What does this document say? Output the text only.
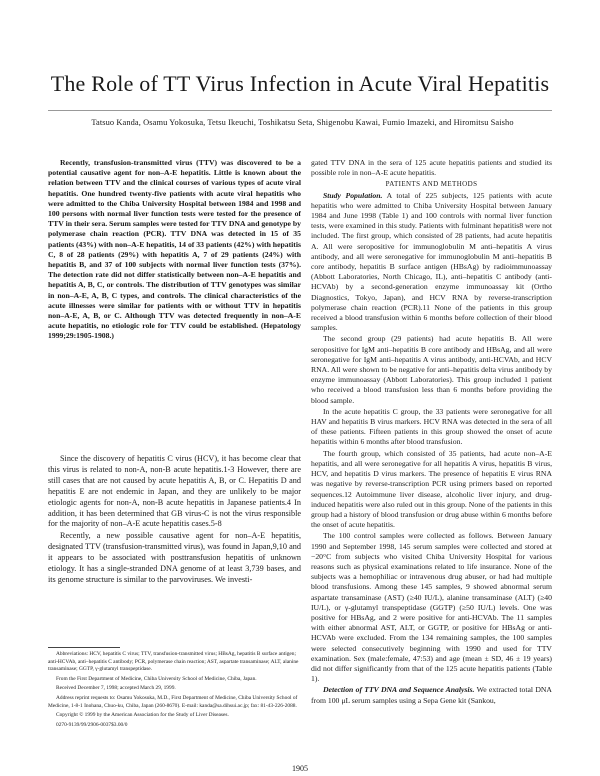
The Role of TT Virus Infection in Acute Viral Hepatitis
Tatsuo Kanda, Osamu Yokosuka, Tetsu Ikeuchi, Toshikatsu Seta, Shigenobu Kawai, Fumio Imazeki, and Hiromitsu Saisho

Recently, transfusion-transmitted virus (TTV) was discovered to be a potential causative agent for non–A-E hepatitis. Little is known about the relation between TTV and the clinical courses of various types of acute viral hepatitis. One hundred twenty-five patients with acute viral hepatitis who were admitted to the Chiba University Hospital between 1984 and 1998 and 100 persons with normal liver function tests were tested for the presence of TTV in their sera. Serum samples were tested for TTV DNA and genotype by polymerase chain reaction (PCR). TTV DNA was detected in 15 of 35 patients (43%) with non–A-E hepatitis, 14 of 33 patients (42%) with hepatitis C, 8 of 28 patients (29%) with hepatitis A, 7 of 29 patients (24%) with hepatitis B, and 37 of 100 subjects with normal liver function tests (37%). The detection rate did not differ statistically between non–A-E hepatitis and hepatitis A, B, C, or controls. The distribution of TTV genotypes was similar in non–A-E, A, B, C types, and controls. The clinical characteristics of the acute illnesses were similar for patients with or without TTV in hepatitis non–A-E, A, B, or C. Although TTV was detected frequently in non–A-E acute hepatitis, no etiologic role for TTV could be established. (Hepatology 1999;29:1905-1908.)

Since the discovery of hepatitis C virus (HCV), it has become clear that this virus is related to non-A, non-B acute hepatitis.1-3 However, there are still cases that are not caused by acute hepatitis A, B, or C. Hepatitis D and hepatitis E are not endemic in Japan, and they are unlikely to be major etiologic agents for non-A, non-B acute hepatitis in Japanese patients.4 In addition, it has been determined that GB virus-C is not the virus responsible for the majority of non–A-E acute hepatitis cases.5-8

Recently, a new possible causative agent for non–A-E hepatitis, designated TTV (transfusion-transmitted virus), was found in Japan,9,10 and it appears to be associated with posttransfusion hepatitis of unknown etiology. It has a single-stranded DNA genome of at least 3,739 bases, and its genome structure is similar to the parvoviruses. We investi-

Abbreviations: HCV, hepatitis C virus; TTV, transfusion-transmitted virus; HBsAg, hepatitis B surface antigen; anti-HCVAb, anti–hepatitis C antibody; PCR, polymerase chain reaction; AST, aspartate transaminase; ALT, alanine transaminase; GGTP, γ-glutamyl transpeptidase.

From the First Department of Medicine, Chiba University School of Medicine, Chiba, Japan.

Received December 7, 1998; accepted March 29, 1999.

Address reprint requests to: Osamu Yokosuka, M.D., First Department of Medicine, Chiba University School of Medicine, 1-8-1 Inohana, Chuo-ku, Chiba, Japan (260-8670). E-mail: kanda@sa.dihsui.ac.jp; fax: 81-43-226-2088.

Copyright © 1999 by the American Association for the Study of Liver Diseases.

0270-9139/99/2906-0037$3.00/0

gated TTV DNA in the sera of 125 acute hepatitis patients and studied its possible role in non–A-E acute hepatitis.

PATIENTS AND METHODS

Study Population. A total of 225 subjects, 125 patients with acute hepatitis who were admitted to Chiba University Hospital between January 1984 and June 1998 (Table 1) and 100 controls with normal liver function tests, were examined in this study. Patients with fulminant hepatitis8 were not included. The first group, which consisted of 28 patients, had acute hepatitis A. All were seropositive for immunoglobulin M anti–hepatitis A virus antibody, and all were seronegative for immunoglobulin M anti–hepatitis B core antibody, hepatitis B surface antigen (HBsAg) by radioimmunoassay (Abbott Laboratories, North Chicago, IL), anti–hepatitis C antibody (anti-HCVAb) by a second-generation enzyme immunoassay kit (Ortho Diagnostics, Tokyo, Japan), and HCV RNA by reverse-transcription polymerase chain reaction (PCR).11 None of the patients in this group received a blood transfusion within 6 months before collection of their blood samples.

The second group (29 patients) had acute hepatitis B. All were seropositive for IgM anti–hepatitis B core antibody and HBsAg, and all were seronegative for IgM anti–hepatitis A virus antibody, anti-HCVAb, and HCV RNA. All were shown to be negative for anti–hepatitis delta virus antibody by enzyme immunoassay (Abbott Laboratories). This group included 1 patient who received a blood transfusion less than 6 months before providing the blood sample.

In the acute hepatitis C group, the 33 patients were seronegative for all HAV and hepatitis B virus markers. HCV RNA was detected in the sera of all of these patients. Fifteen patients in this group showed the onset of acute hepatitis within 6 months after blood transfusion.

The fourth group, which consisted of 35 patients, had acute non–A-E hepatitis, and all were seronegative for all hepatitis A virus, hepatitis B virus, HCV, and hepatitis D virus markers. The presence of hepatitis E virus RNA was negative by reverse-transcription PCR using primers based on reported sequences.12 Autoimmune liver disease, alcoholic liver injury, and drug-induced hepatitis were also ruled out in this group. None of the patients in this group had a history of blood transfusion or drug abuse within 6 months before the onset of acute hepatitis.

The 100 control samples were collected as follows. Between January 1990 and September 1998, 145 serum samples were collected and stored at −20°C from subjects who visited Chiba University Hospital for various reasons such as physical examinations related to life insurance. None of the subjects was a hemophiliac or intravenous drug abuser, or had had multiple blood transfusions. Among these 145 samples, 9 showed abnormal serum aspartate transaminase (AST) (≥40 IU/L), alanine transaminase (ALT) (≥40 IU/L), or γ-glutamyl transpeptidase (GGTP) (≥50 IU/L) levels. One was positive for HBsAg, and 2 were positive for anti-HCVAb. The 11 samples with either abnormal AST, ALT, or GGTP, or positive for HBsAg or anti-HCVAb were excluded. From the 134 remaining samples, the 100 samples were selected consecutively beginning with 1990 and used for TTV examination. Sex (male:female, 47:53) and age (mean ± SD, 46 ± 19 years) did not differ significantly from that of the 125 acute hepatitis patients (Table 1).

Detection of TTV DNA and Sequence Analysis. We extracted total DNA from 100 μL serum samples using a Sepa Gene kit (Sankou,

1905
